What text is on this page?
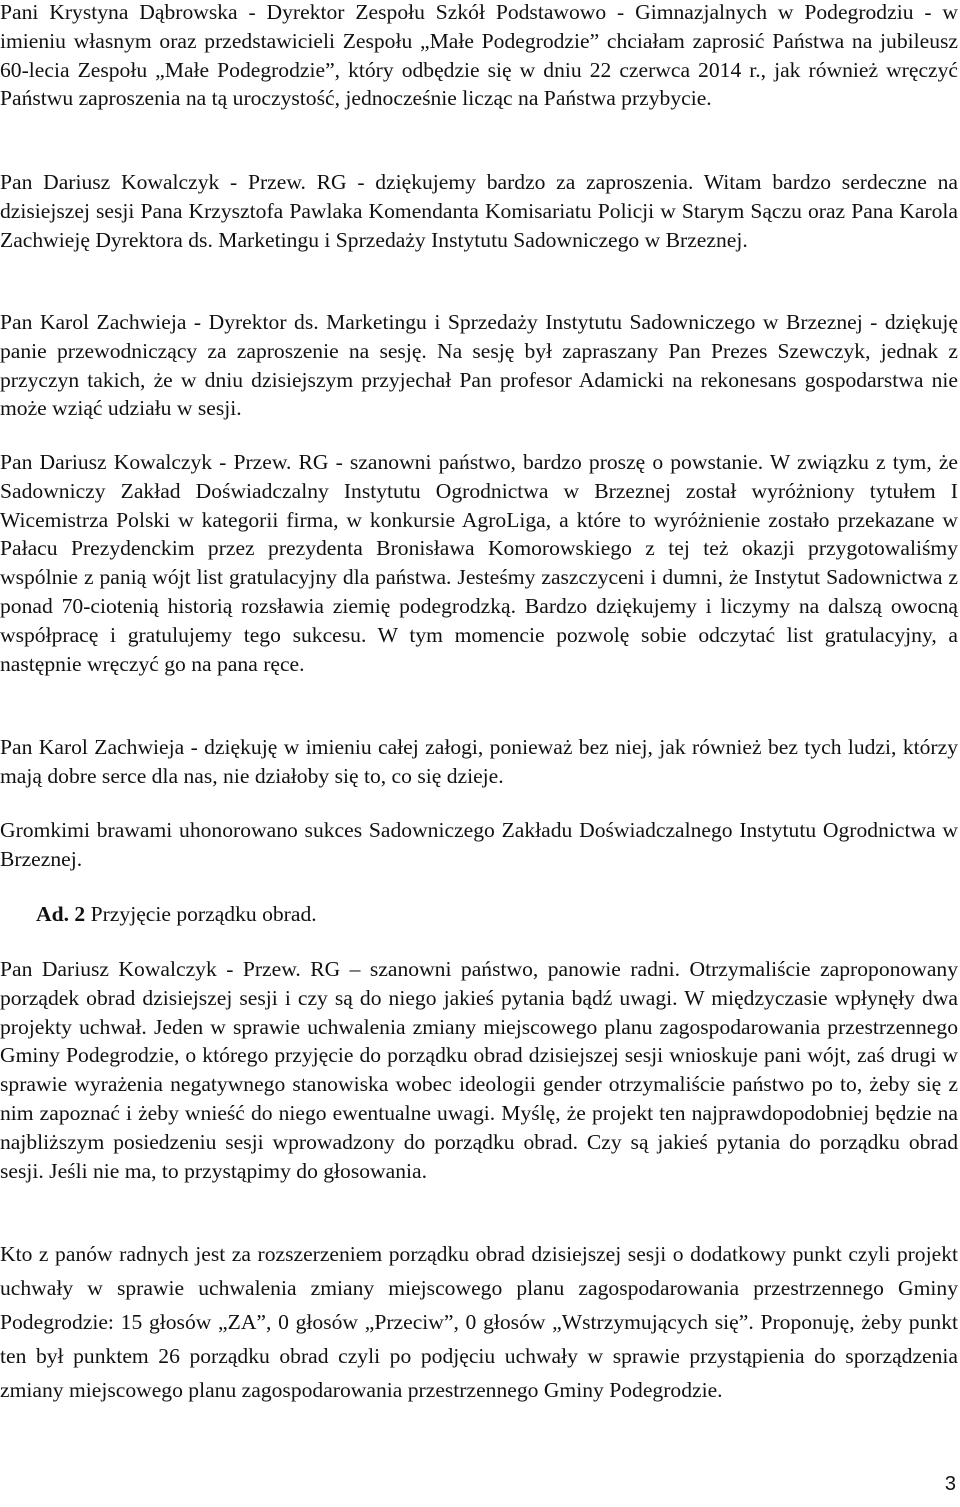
Pani Krystyna Dąbrowska - Dyrektor Zespołu Szkół Podstawowo - Gimnazjalnych w Podegrodziu - w imieniu własnym oraz przedstawicieli Zespołu „Małe Podegrodzie” chciałam zaprosić Państwa na jubileusz 60-lecia Zespołu „Małe Podegrodzie”, który odbędzie się w dniu 22 czerwca 2014 r., jak również wręczyć Państwu zaproszenia na tą uroczystość, jednocześnie licząc na Państwa przybycie.

Pan Dariusz Kowalczyk - Przew. RG - dziękujemy bardzo za zaproszenia. Witam bardzo serdeczne na dzisiejszej sesji Pana Krzysztofa Pawlaka Komendanta Komisariatu Policji w Starym Sączu oraz Pana Karola Zachwieję Dyrektora ds. Marketingu i Sprzedaży Instytutu Sadowniczego w Brzeznej.

Pan Karol Zachwieja - Dyrektor ds. Marketingu i Sprzedaży Instytutu Sadowniczego w Brzeznej - dziękuję panie przewodniczący za zaproszenie na sesję. Na sesję był zapraszany Pan Prezes Szewczyk, jednak z przyczyn takich, że w dniu dzisiejszym przyjechał Pan profesor Adamicki na rekonesans gospodarstwa nie może wziąć udziału w sesji.

Pan Dariusz Kowalczyk - Przew. RG - szanowni państwo, bardzo proszę o powstanie. W związku z tym, że Sadowniczy Zakład Doświadczalny Instytutu Ogrodnictwa w Brzeznej został wyróżniony tytułem I Wicemistrza Polski w kategorii firma, w konkursie AgroLiga, a które to wyróżnienie zostało przekazane w Pałacu Prezydenckim przez prezydenta Bronisława Komorowskiego z tej też okazji przygotowaliśmy wspólnie z panią wójt list gratulacyjny dla państwa. Jesteśmy zaszczyceni i dumni, że Instytut Sadownictwa z ponad 70-ciotenią historią rozsławia ziemię podegrodzką. Bardzo dziękujemy i liczymy na dalszą owocną współpracę i gratulujemy tego sukcesu. W tym momencie pozwolę sobie odczytać list gratulacyjny, a następnie wręczyć go na pana ręce.

Pan Karol Zachwieja - dziękuję w imieniu całej załogi, ponieważ bez niej, jak również bez tych ludzi, którzy mają dobre serce dla nas, nie działoby się to, co się dzieje.

Gromkimi brawami uhonorowano sukces Sadowniczego Zakładu Doświadczalnego Instytutu Ogrodnictwa w Brzeznej.

Ad. 2 Przyjęcie porządku obrad.

Pan Dariusz Kowalczyk - Przew. RG – szanowni państwo, panowie radni. Otrzymaliście zaproponowany porządek obrad dzisiejszej sesji i czy są do niego jakieś pytania bądź uwagi. W międzyczasie wpłynęły dwa projekty uchwał. Jeden w sprawie uchwalenia zmiany miejscowego planu zagospodarowania przestrzennego Gminy Podegrodzie, o którego przyjęcie do porządku obrad dzisiejszej sesji wnioskuje pani wójt, zaś drugi w sprawie wyrażenia negatywnego stanowiska wobec ideologii gender otrzymaliście państwo po to, żeby się z nim zapoznać i żeby wnieść do niego ewentualne uwagi. Myślę, że projekt ten najprawdopodobniej będzie na najbliższym posiedzeniu sesji wprowadzony do porządku obrad. Czy są jakieś pytania do porządku obrad sesji. Jeśli nie ma, to przystąpimy do głosowania.

Kto z panów radnych jest za rozszerzeniem porządku obrad dzisiejszej sesji o dodatkowy punkt czyli projekt uchwały w sprawie uchwalenia zmiany miejscowego planu zagospodarowania przestrzennego Gminy Podegrodzie: 15 głosów „ZA”, 0 głosów „Przeciw”, 0 głosów „Wstrzymujących się”. Proponuję, żeby punkt ten był punktem 26 porządku obrad czyli po podjęciu uchwały w sprawie przystąpienia do sporządzenia zmiany miejscowego planu zagospodarowania przestrzennego Gminy Podegrodzie.

3
